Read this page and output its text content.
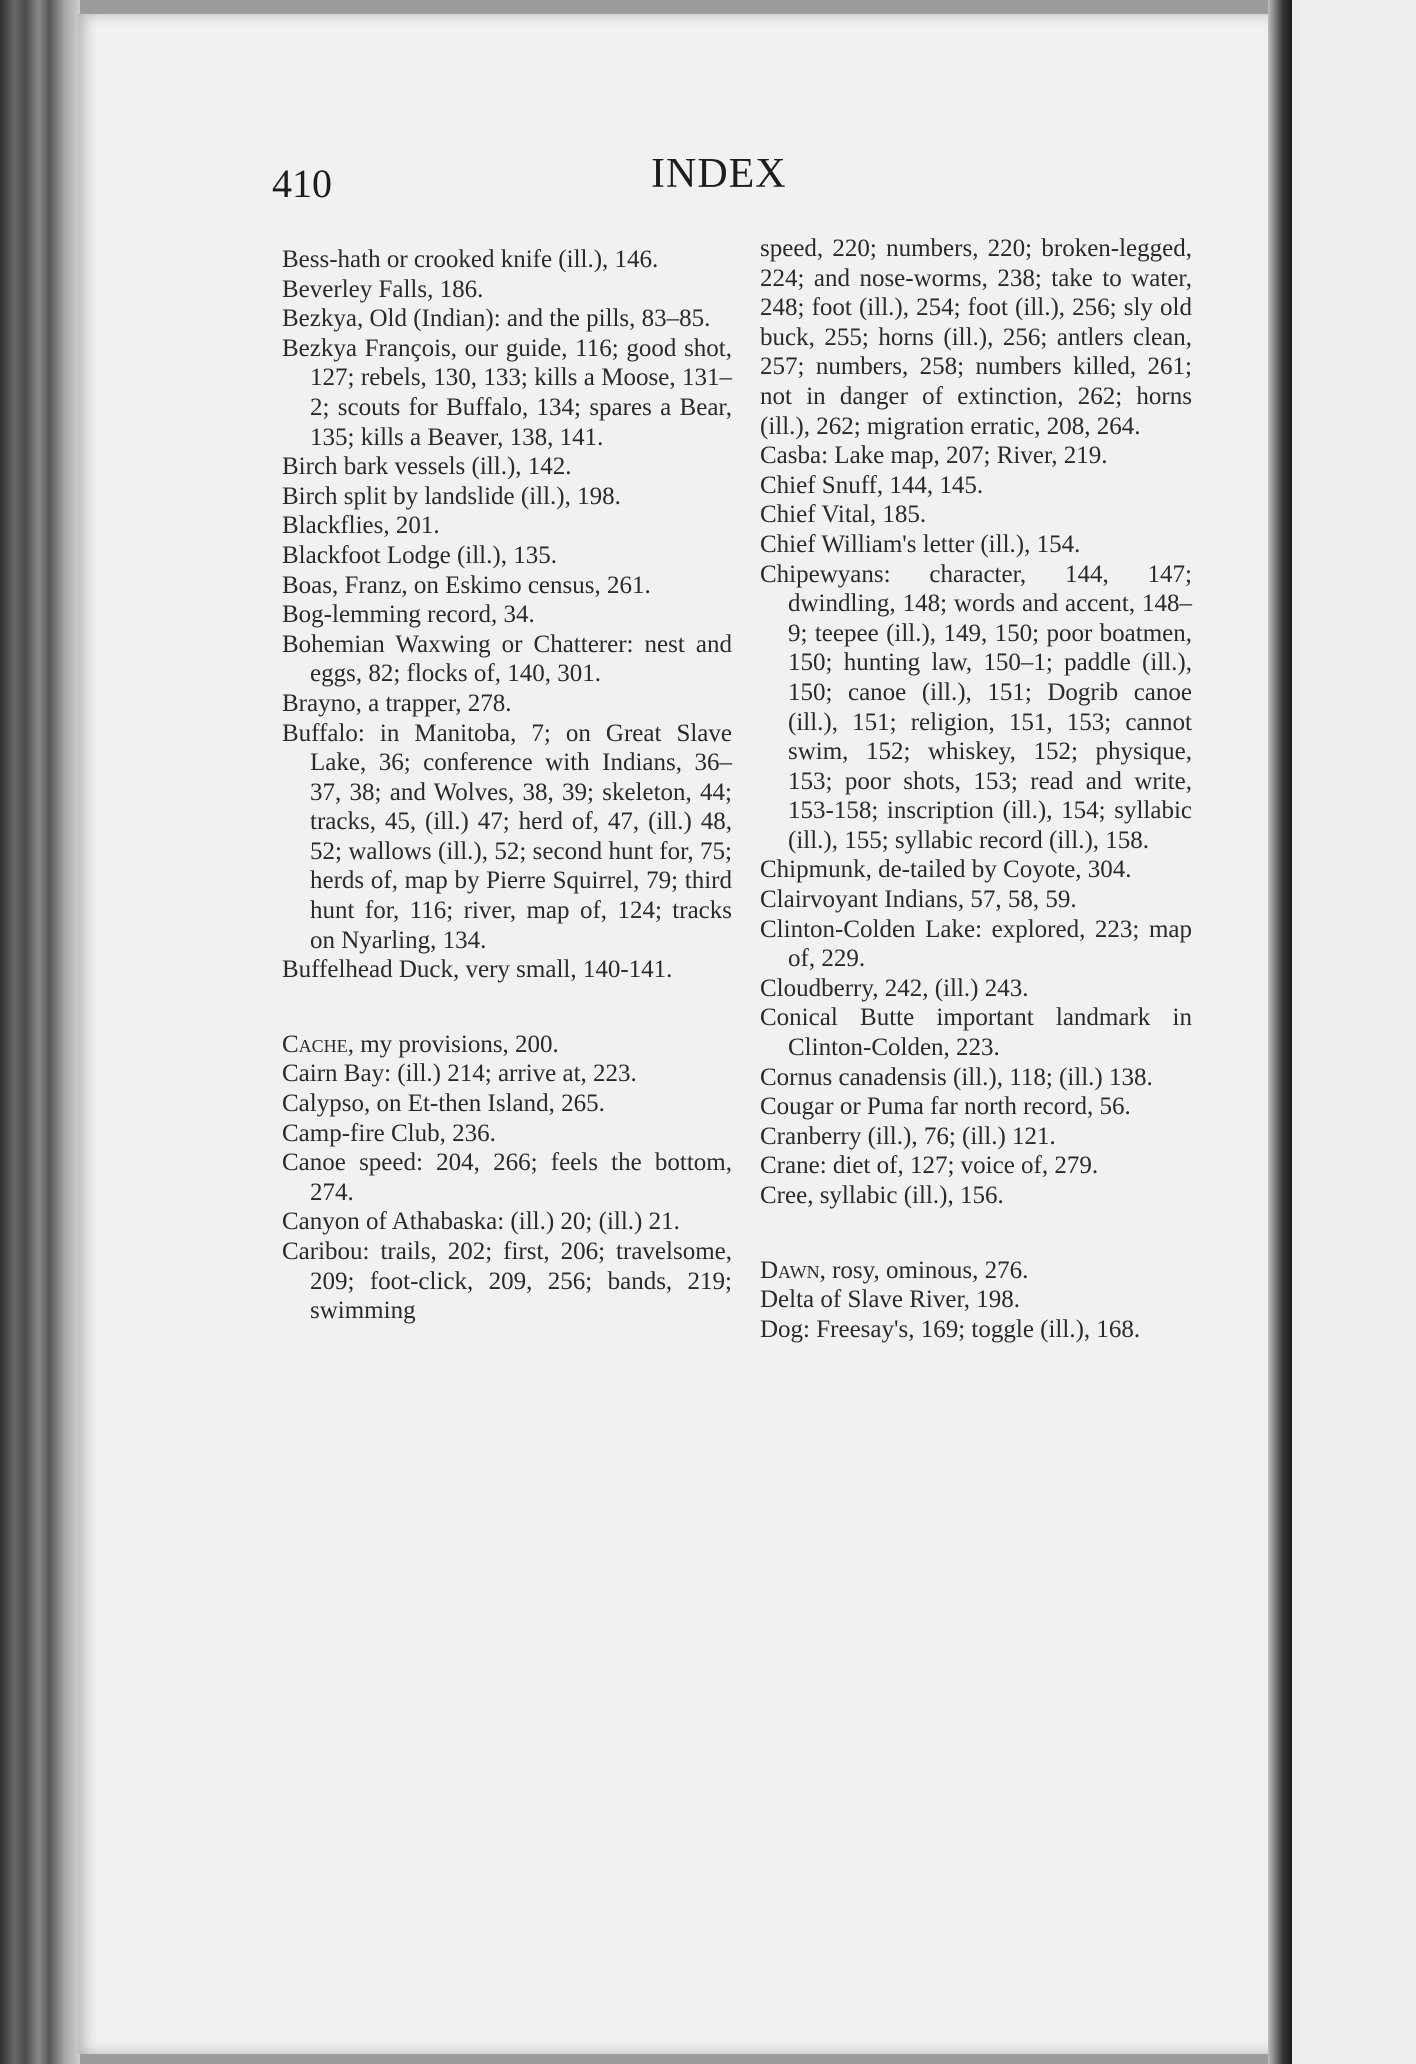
410	INDEX
Bess-hath or crooked knife (ill.), 146.
Beverley Falls, 186.
Bezkya, Old (Indian): and the pills, 83–85.
Bezkya François, our guide, 116; good shot, 127; rebels, 130, 133; kills a Moose, 131–2; scouts for Buffalo, 134; spares a Bear, 135; kills a Beaver, 138, 141.
Birch bark vessels (ill.), 142.
Birch split by landslide (ill.), 198.
Blackflies, 201.
Blackfoot Lodge (ill.), 135.
Boas, Franz, on Eskimo census, 261.
Bog-lemming record, 34.
Bohemian Waxwing or Chatterer: nest and eggs, 82; flocks of, 140, 301.
Brayno, a trapper, 278.
Buffalo: in Manitoba, 7; on Great Slave Lake, 36; conference with Indians, 36–37, 38; and Wolves, 38, 39; skeleton, 44; tracks, 45, (ill.) 47; herd of, 47, (ill.) 48, 52; wallows (ill.), 52; second hunt for, 75; herds of, map by Pierre Squirrel, 79; third hunt for, 116; river, map of, 124; tracks on Nyarling, 134.
Buffelhead Duck, very small, 140-141.
Cache, my provisions, 200.
Cairn Bay: (ill.) 214; arrive at, 223.
Calypso, on Et-then Island, 265.
Camp-fire Club, 236.
Canoe speed: 204, 266; feels the bottom, 274.
Canyon of Athabaska: (ill.) 20; (ill.) 21.
Caribou: trails, 202; first, 206; travelsome, 209; foot-click, 209, 256; bands, 219; swimming
speed, 220; numbers, 220; broken-legged, 224; and nose-worms, 238; take to water, 248; foot (ill.), 254; foot (ill.), 256; sly old buck, 255; horns (ill.), 256; antlers clean, 257; numbers, 258; numbers killed, 261; not in danger of extinction, 262; horns (ill.), 262; migration erratic, 208, 264.
Casba: Lake map, 207; River, 219.
Chief Snuff, 144, 145.
Chief Vital, 185.
Chief William's letter (ill.), 154.
Chipewyans: character, 144, 147; dwindling, 148; words and accent, 148–9; teepee (ill.), 149, 150; poor boatmen, 150; hunting law, 150–1; paddle (ill.), 150; canoe (ill.), 151; Dogrib canoe (ill.), 151; religion, 151, 153; cannot swim, 152; whiskey, 152; physique, 153; poor shots, 153; read and write, 153-158; inscription (ill.), 154; syllabic (ill.), 155; syllabic record (ill.), 158.
Chipmunk, de-tailed by Coyote, 304.
Clairvoyant Indians, 57, 58, 59.
Clinton-Colden Lake: explored, 223; map of, 229.
Cloudberry, 242, (ill.) 243.
Conical Butte important landmark in Clinton-Colden, 223.
Cornus canadensis (ill.), 118; (ill.) 138.
Cougar or Puma far north record, 56.
Cranberry (ill.), 76; (ill.) 121.
Crane: diet of, 127; voice of, 279.
Cree, syllabic (ill.), 156.
Dawn, rosy, ominous, 276.
Delta of Slave River, 198.
Dog: Freesay's, 169; toggle (ill.), 168.
